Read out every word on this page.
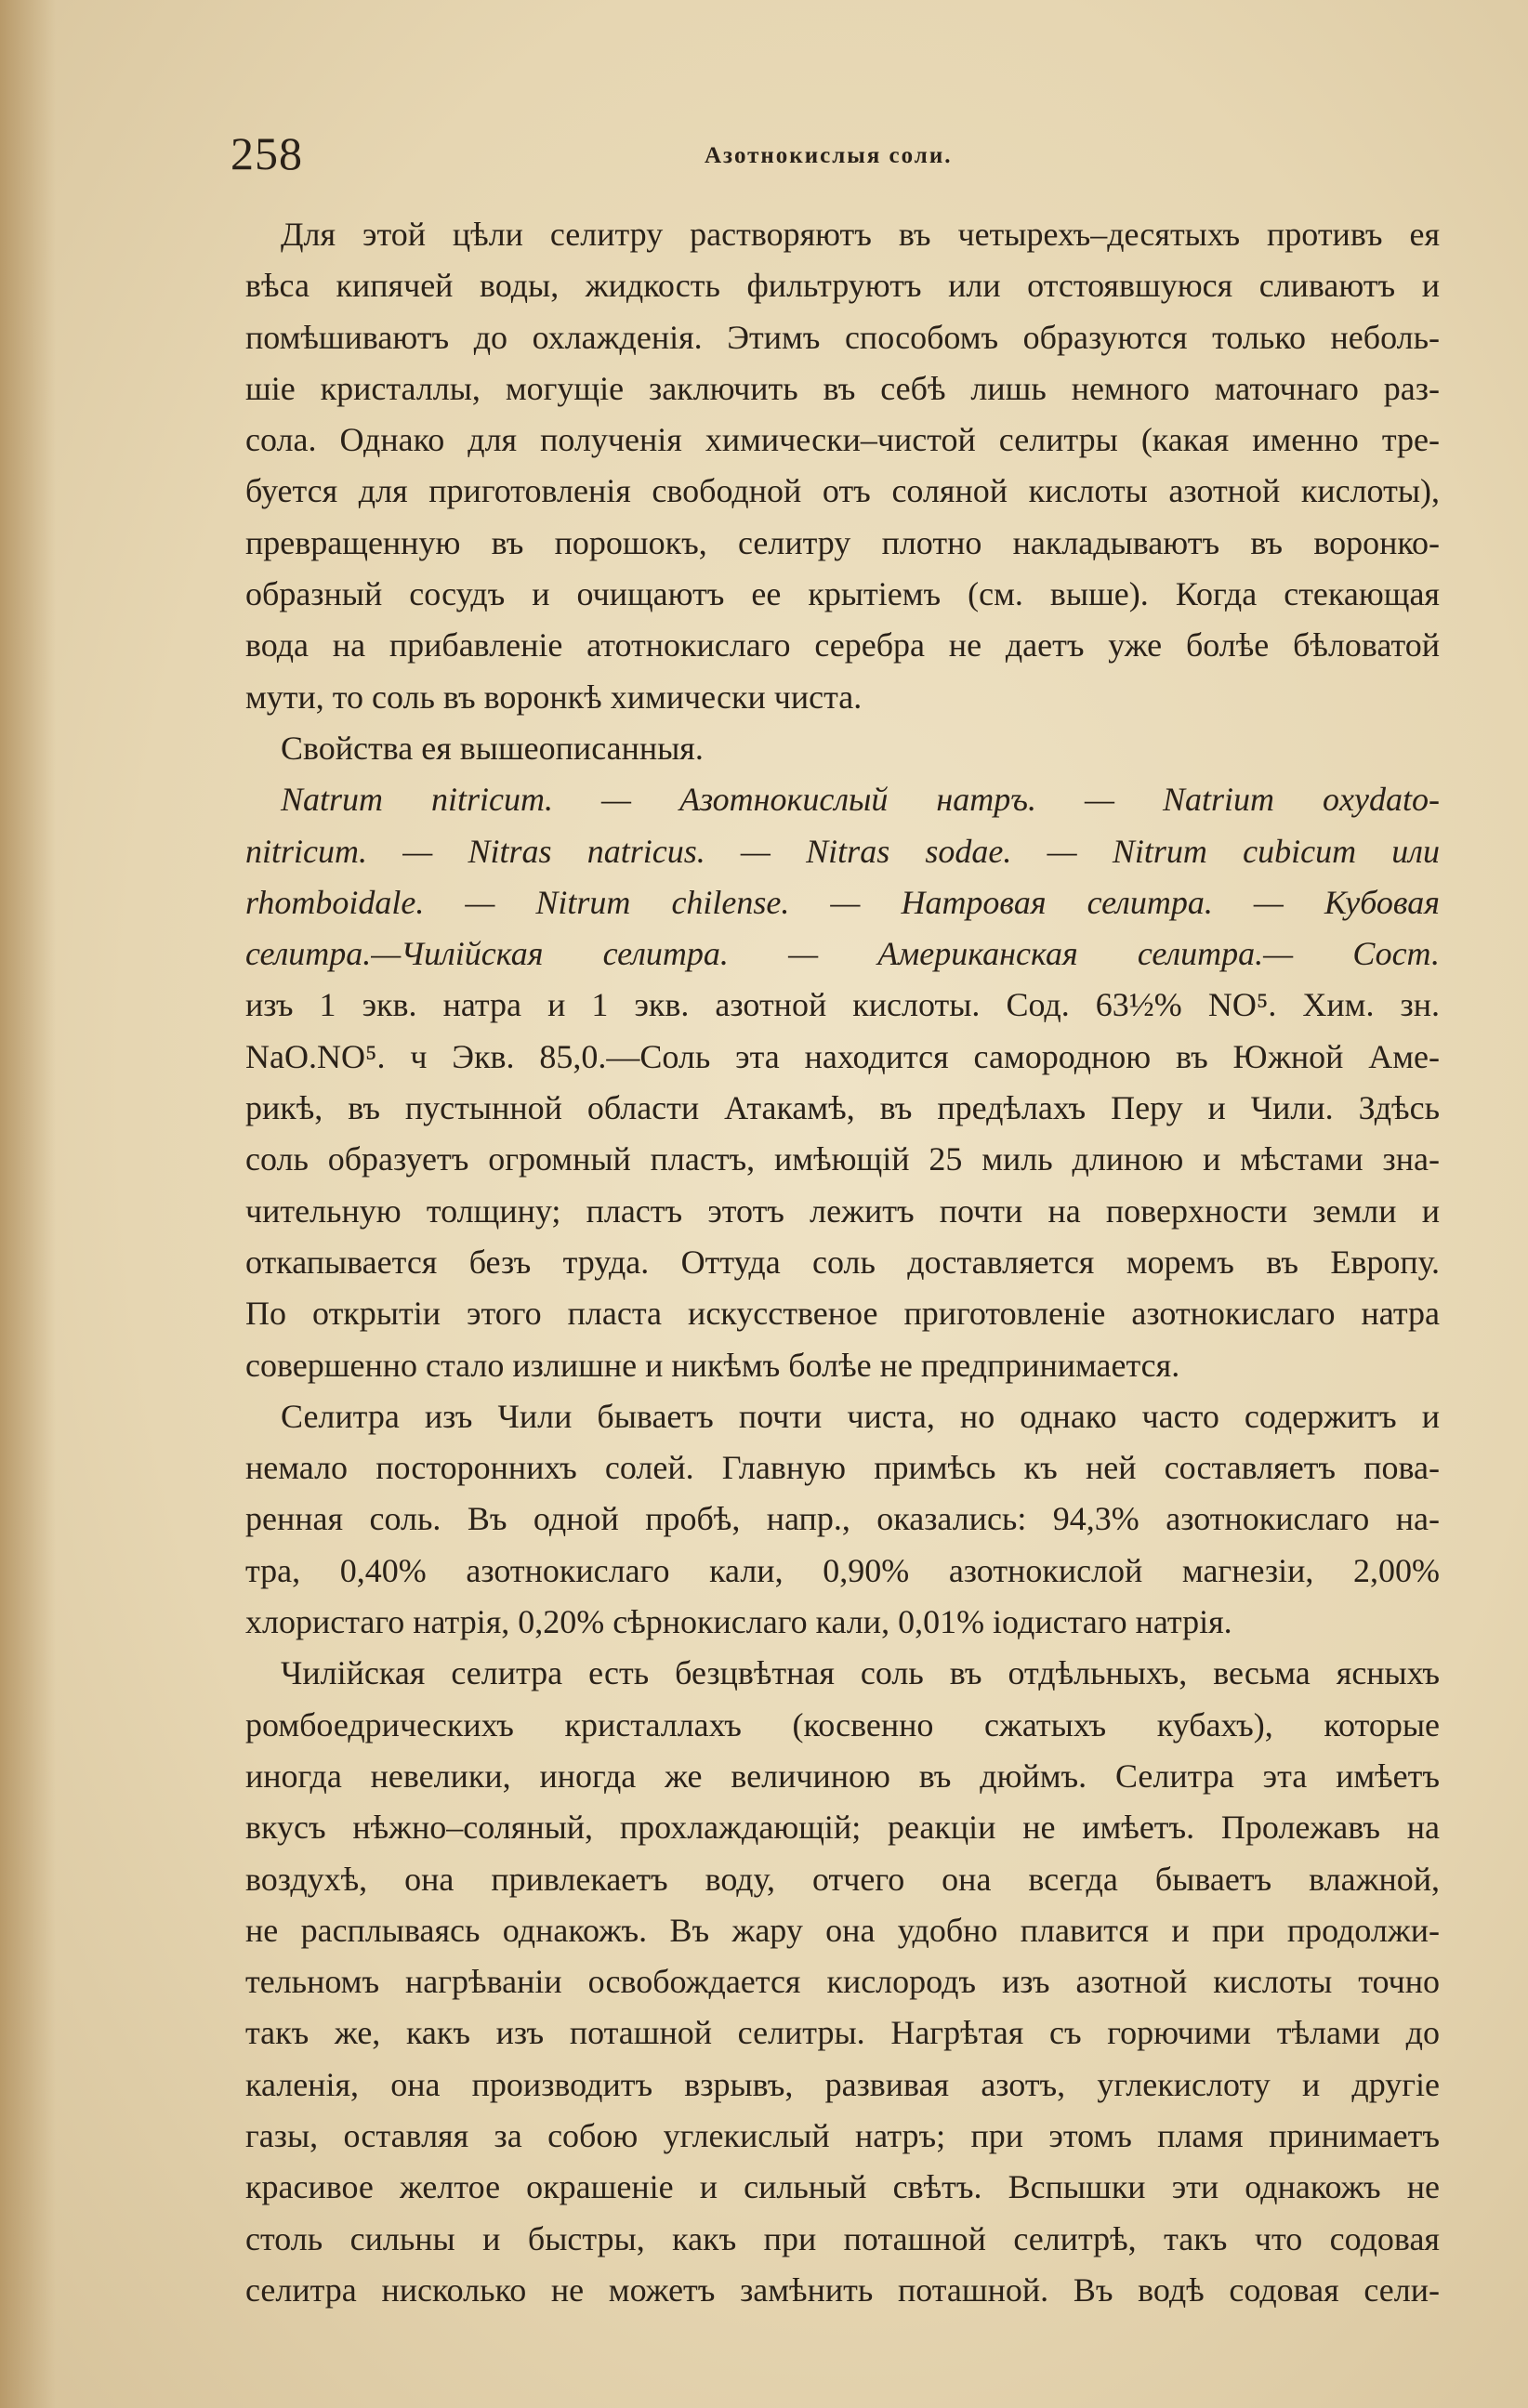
258	Азотнокислыя соли.
Для этой цѣли селитру растворяютъ въ четырехъ–десятыхъ противъ ея
вѣса кипячей воды, жидкость фильтруютъ или отстоявшуюся сливаютъ и
помѣшиваютъ до охлажденія. Этимъ способомъ образуются только неболь-
шіе кристаллы, могущіе заключить въ себѣ лишь немного маточнаго раз-
сола. Однако для полученія химически–чистой селитры (какая именно тре-
буется для приготовленія свободной отъ соляной кислоты азотной кислоты),
превращенную въ порошокъ, селитру плотно накладываютъ въ воронко-
образный сосудъ и очищаютъ ее крытіемъ (см. выше). Когда стекающая
вода на прибавленіе атотнокислаго серебра не даетъ уже болѣе бѣловатой
мути, то соль въ воронкѣ химически чиста.
Свойства ея вышеописанныя.
Natrum nitricum. — Азотнокислый натръ. — Natrium oxydato-
nitricum. — Nitras natricus. — Nitras sodae. — Nitrum cubicum или
rhomboidale. — Nitrum chilense. — Натровая селитра. — Кубовая
селитра.—Чилійская селитра. — Американская селитра.— Сост.
изъ 1 экв. натра и 1 экв. азотной кислоты. Сод. 63½% NO⁵. Хим. зн.
NaO.NO⁵. ч Экв. 85,0.—Соль эта находится самородною въ Южной Аме-
рикѣ, въ пустынной области Атакамѣ, въ предѣлахъ Перу и Чили. Здѣсь
соль образуетъ огромный пластъ, имѣющій 25 миль длиною и мѣстами зна-
чительную толщину; пластъ этотъ лежитъ почти на поверхности земли и
откапывается безъ труда. Оттуда соль доставляется моремъ въ Европу.
По открытіи этого пласта искусственое приготовленіе азотнокислаго натра
совершенно стало излишне и никѣмъ болѣе не предпринимается.
Селитра изъ Чили бываетъ почти чиста, но однако часто содержитъ и
немало постороннихъ солей. Главную примѣсь къ ней составляетъ пова-
ренная соль. Въ одной пробѣ, напр., оказались: 94,3% азотнокислаго на-
тра, 0,40% азотнокислаго кали, 0,90% азотнокислой магнезіи, 2,00%
хлористаго натрія, 0,20% сѣрнокислаго кали, 0,01% іодистаго натрія.
Чилійская селитра есть безцвѣтная соль въ отдѣльныхъ, весьма ясныхъ
ромбоедрическихъ кристаллахъ (косвенно сжатыхъ кубахъ), которые
иногда невелики, иногда же величиною въ дюймъ. Селитра эта имѣетъ
вкусъ нѣжно–соляный, прохлаждающій; реакціи не имѣетъ. Пролежавъ на
воздухѣ, она привлекаетъ воду, отчего она всегда бываетъ влажной,
не расплываясь однакожъ. Въ жару она удобно плавится и при продолжи-
тельномъ нагрѣваніи освобождается кислородъ изъ азотной кислоты точно
такъ же, какъ изъ поташной селитры. Нагрѣтая съ горючими тѣлами до
каленія, она производитъ взрывъ, развивая азотъ, углекислоту и другіе
газы, оставляя за собою углекислый натръ; при этомъ пламя принимаетъ
красивое желтое окрашеніе и сильный свѣтъ. Вспышки эти однакожъ не
столь сильны и быстры, какъ при поташной селитрѣ, такъ что содовая
селитра нисколько не можетъ замѣнить поташной. Въ водѣ содовая сели-
